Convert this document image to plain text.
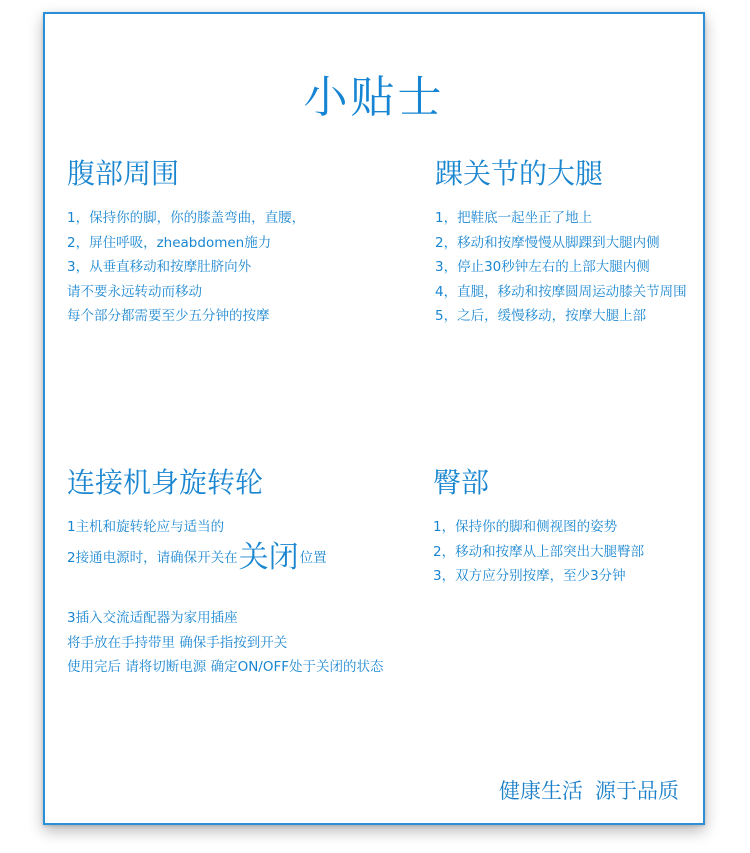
小贴士
腹部周围

1，保持你的脚，你的膝盖弯曲，直腰，

2，屏住呼吸，zheabdomen施力

3，从垂直移动和按摩肚脐向外

请不要永远转动而移动

每个部分都需要至少五分钟的按摩

踝关节的大腿

1，把鞋底一起坐正了地上

2，移动和按摩慢慢从脚踝到大腿内侧

3，停止30秒钟左右的上部大腿内侧

4，直腿，移动和按摩圆周运动膝关节周围

5，之后，缓慢移动，按摩大腿上部

连接机身旋转轮

1主机和旋转轮应与适当的

2接通电源时，请确保开关在关闭位置

3插入交流适配器为家用插座

将手放在手持带里 确保手指按到开关

使用完后 请将切断电源 确定ON/OFF处于关闭的状态

臀部

1，保持你的脚和侧视图的姿势

2，移动和按摩从上部突出大腿臀部

3，双方应分别按摩，至少3分钟

健康生活 源于品质
